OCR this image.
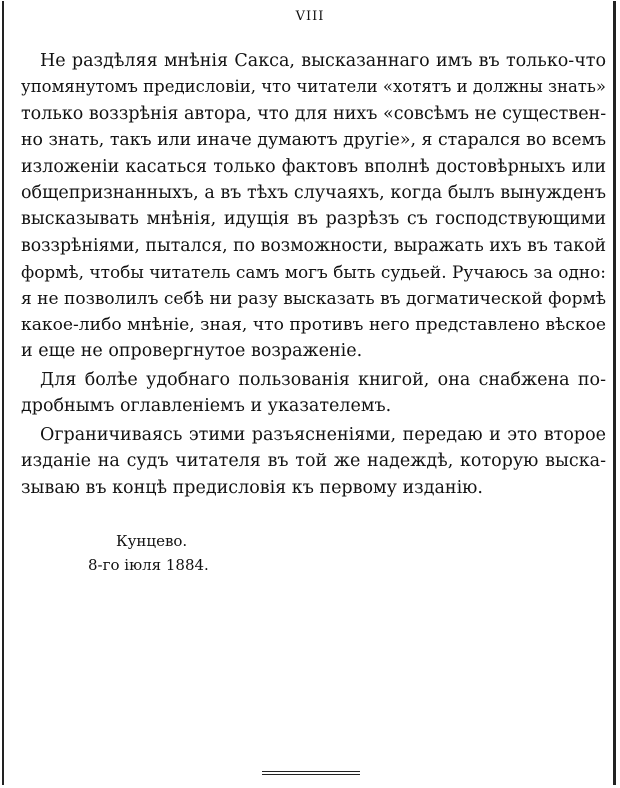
VIII

Не раздѣляя мнѣнія Сакса, высказаннаго имъ въ только-что
упомянутомъ предисловіи, что читатели «хотятъ и должны знать»
только воззрѣнія автора, что для нихъ «совсѣмъ не существен-
но знать, такъ или иначе думаютъ другіе», я старался во всемъ
изложеніи касаться только фактовъ вполнѣ достовѣрныхъ или
общепризнанныхъ, а въ тѣхъ случаяхъ, когда былъ вынужденъ
высказывать мнѣнія, идущія въ разрѣзъ съ господствующими
воззрѣніями, пытался, по возможности, выражать ихъ въ такой
формѣ, чтобы читатель самъ могъ быть судьей. Ручаюсь за одно:
я не позволилъ себѣ ни разу высказать въ догматической формѣ
какое-либо мнѣніе, зная, что противъ него представлено вѣское
и еще не опровергнутое возраженіе.

Для болѣе удобнаго пользованія книгой, она снабжена по-
дробнымъ оглавленіемъ и указателемъ.

Ограничиваясь этими разъясненіями, передаю и это второе
изданіе на судъ читателя въ той же надеждѣ, которую выска-
зываю въ концѣ предисловія къ первому изданію.

Кунцево.
8-го іюля 1884.
